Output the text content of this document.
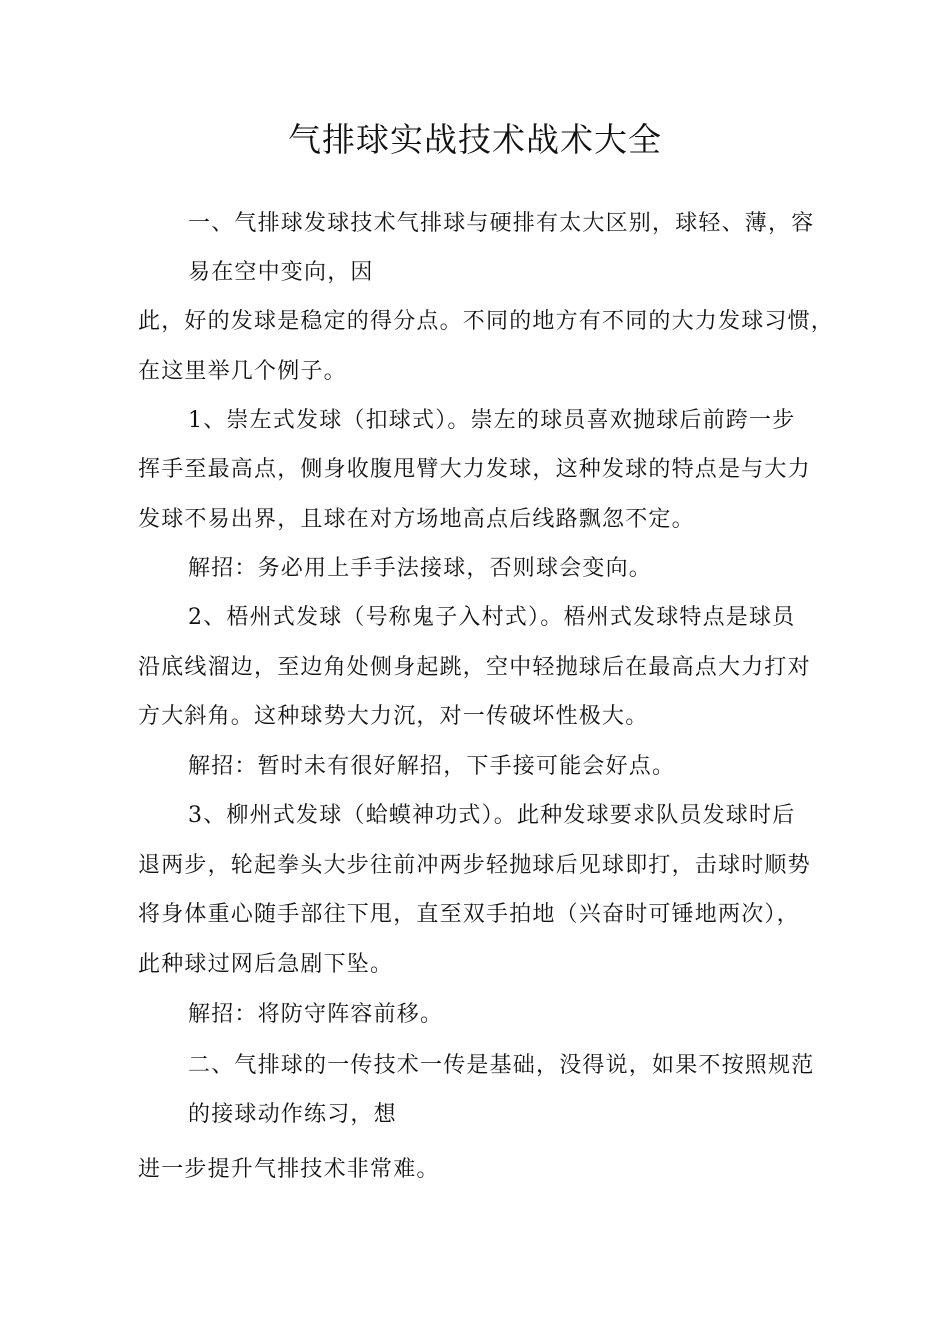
气排球实战技术战术大全
一、气排球发球技术气排球与硬排有太大区别，球轻、薄，容
易在空中变向，因
此，好的发球是稳定的得分点。不同的地方有不同的大力发球习惯，
在这里举几个例子。
1、崇左式发球（扣球式）。崇左的球员喜欢抛球后前跨一步
挥手至最高点，侧身收腹甩臂大力发球，这种发球的特点是与大力
发球不易出界，且球在对方场地高点后线路飘忽不定。
解招：务必用上手手法接球，否则球会变向。
2、梧州式发球（号称鬼子入村式）。梧州式发球特点是球员
沿底线溜边，至边角处侧身起跳，空中轻抛球后在最高点大力打对
方大斜角。这种球势大力沉，对一传破坏性极大。
解招：暂时未有很好解招，下手接可能会好点。
3、柳州式发球（蛤蟆神功式）。此种发球要求队员发球时后
退两步，轮起拳头大步往前冲两步轻抛球后见球即打，击球时顺势
将身体重心随手部往下甩，直至双手拍地（兴奋时可锤地两次），
此种球过网后急剧下坠。
解招：将防守阵容前移。
二、气排球的一传技术一传是基础，没得说，如果不按照规范
的接球动作练习，想
进一步提升气排技术非常难。
